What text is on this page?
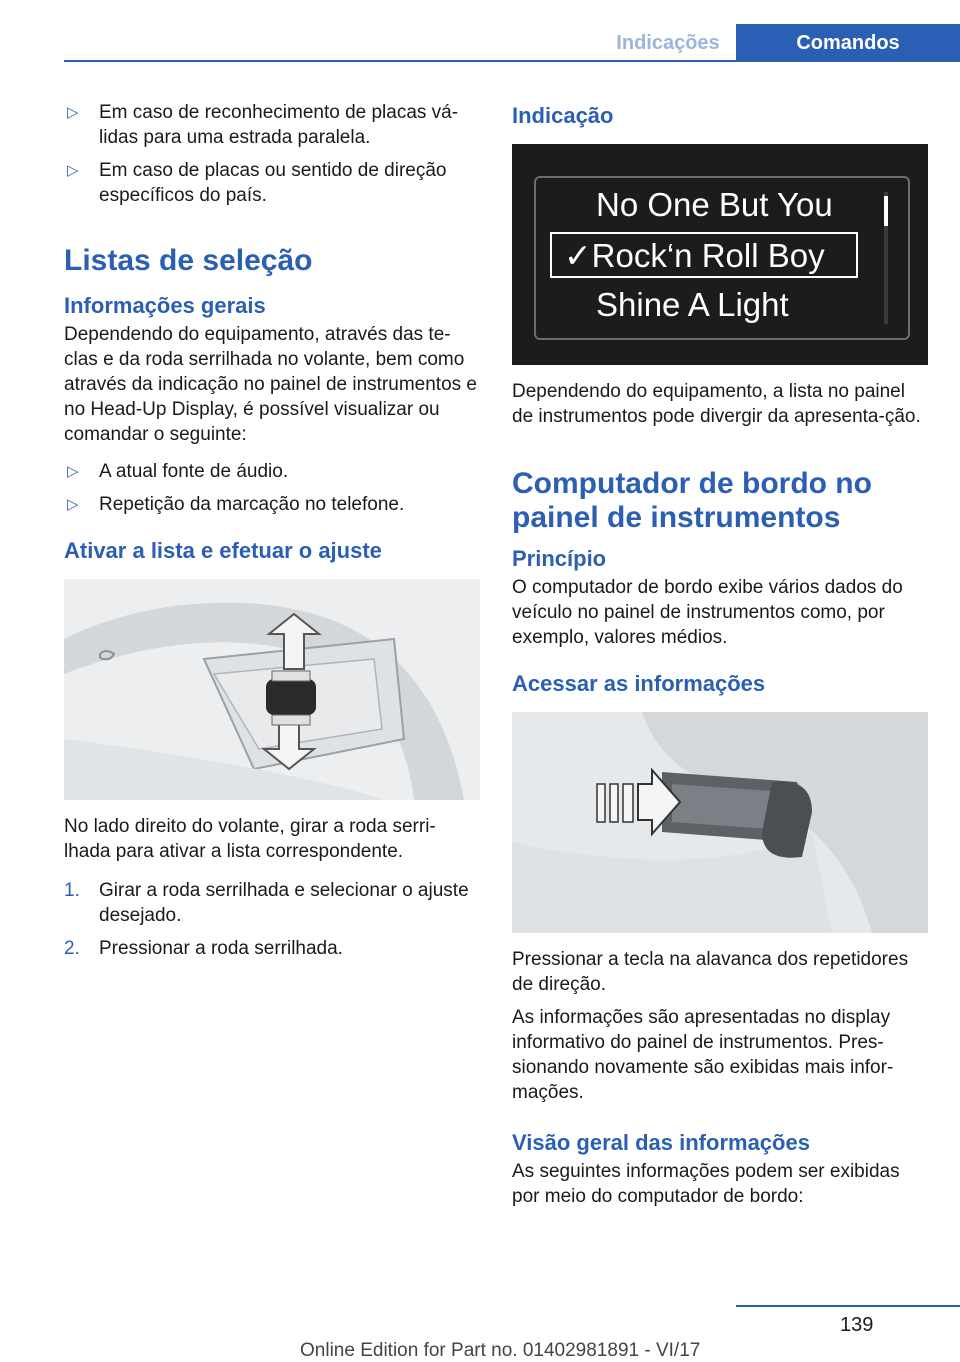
Indicações	Comandos
▷ Em caso de reconhecimento de placas vá-lidas para uma estrada paralela.
▷ Em caso de placas ou sentido de direção específicos do país.
Listas de seleção
Informações gerais

Dependendo do equipamento, através das te-clas e da roda serrilhada no volante, bem como através da indicação no painel de instrumentos e no Head-Up Display, é possível visualizar ou comandar o seguinte:

▷ A atual fonte de áudio.
▷ Repetição da marcação no telefone.
Ativar a lista e efetuar o ajuste

No lado direito do volante, girar a roda serri-lhada para ativar a lista correspondente.

1. Girar a roda serrilhada e selecionar o ajuste desejado.
2. Pressionar a roda serrilhada.
Indicação
No One But You
✓Rock‘n Roll Boy
Shine A Light

Dependendo do equipamento, a lista no painel de instrumentos pode divergir da apresenta-ção.

Computador de bordo no painel de instrumentos
Princípio

O computador de bordo exibe vários dados do veículo no painel de instrumentos como, por exemplo, valores médios.

Acessar as informações

Pressionar a tecla na alavanca dos repetidores de direção.

As informações são apresentadas no display informativo do painel de instrumentos. Pres-sionando novamente são exibidas mais infor-mações.

Visão geral das informações

As seguintes informações podem ser exibidas por meio do computador de bordo:

139
Online Edition for Part no. 01402981891 - VI/17
